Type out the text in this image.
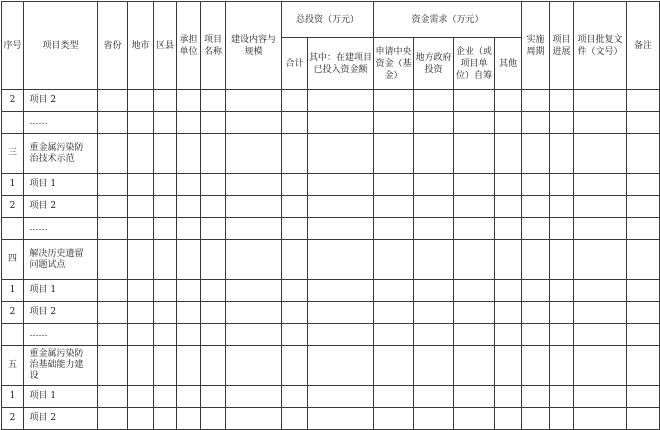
序号	项目类型	省份	地市	区县	承担单位	项目名称	建设内容与规模	总投资（万元）		资金需求（万元）				实施周期	项目进展	项目批复文件（文号）	备注
								合计	其中：在建项目已投入资金额	申请中央资金（基金）	地方政府投资	企业（或项目单位）自筹	其他				
2	项目 2																
	……																
三	重金属污染防治技术示范																
1	项目 1																
2	项目 2																
	……																
四	解决历史遗留问题试点																
1	项目 1																
2	项目 2																
	……																
五	重金属污染防治基础能力建设																
1	项目 1																
2	项目 2																
